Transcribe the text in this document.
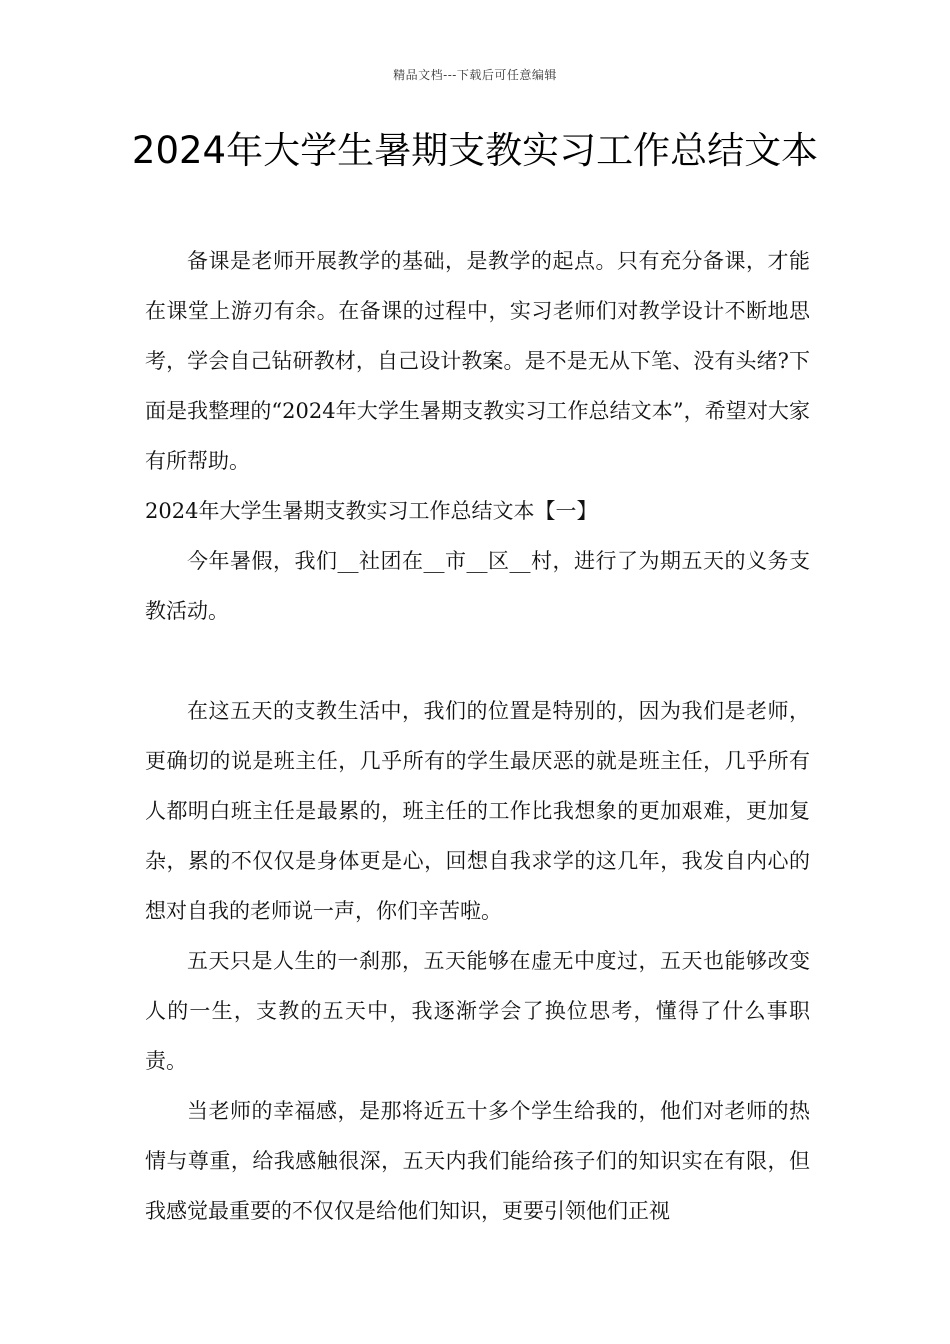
精品文档---下载后可任意编辑
2024年大学生暑期支教实习工作总结文本

备课是老师开展教学的基础，是教学的起点。只有充分备课，才能在课堂上游刃有余。在备课的过程中，实习老师们对教学设计不断地思考，学会自己钻研教材，自己设计教案。是不是无从下笔、没有头绪?下面是我整理的“2024年大学生暑期支教实习工作总结文本”，希望对大家有所帮助。

2024年大学生暑期支教实习工作总结文本【一】

今年暑假，我们__社团在__市__区__村，进行了为期五天的义务支教活动。

在这五天的支教生活中，我们的位置是特别的，因为我们是老师，更确切的说是班主任，几乎所有的学生最厌恶的就是班主任，几乎所有人都明白班主任是最累的，班主任的工作比我想象的更加艰难，更加复杂，累的不仅仅是身体更是心，回想自我求学的这几年，我发自内心的想对自我的老师说一声，你们辛苦啦。

五天只是人生的一刹那，五天能够在虚无中度过，五天也能够改变人的一生，支教的五天中，我逐渐学会了换位思考，懂得了什么事职责。

当老师的幸福感，是那将近五十多个学生给我的，他们对老师的热情与尊重，给我感触很深，五天内我们能给孩子们的知识实在有限，但我感觉最重要的不仅仅是给他们知识，更要引领他们正视
